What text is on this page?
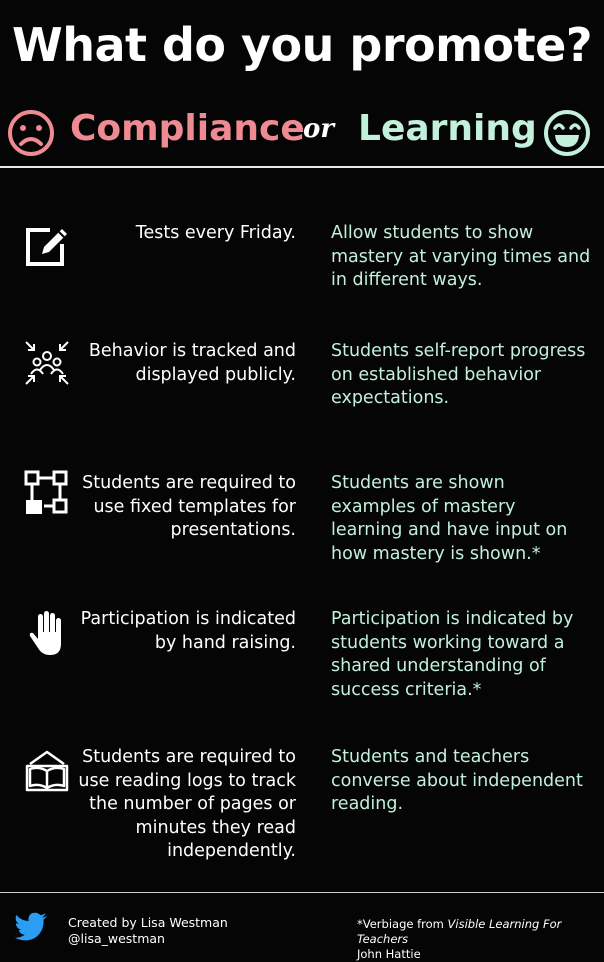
What do you promote?
Compliance
or Learning
Tests every Friday. Allow students to show mastery at varying times and in different ways.
Behavior is tracked and displayed publicly.
Students self-report progress on established behavior expectations.
Students are required to use fixed templates for presentations.
Students are shown examples of mastery learning and have input on how mastery is shown.*
Participation is indicated by hand raising.
Participation is indicated by students working toward a shared understanding of success criteria.*
Students are required to use reading logs to track the number of pages or minutes they read independently.
Students and teachers converse about independent reading.
Created by Lisa Westman
@lisa_westman
*Verbiage from Visible Learning For Teachers
John Hattie
